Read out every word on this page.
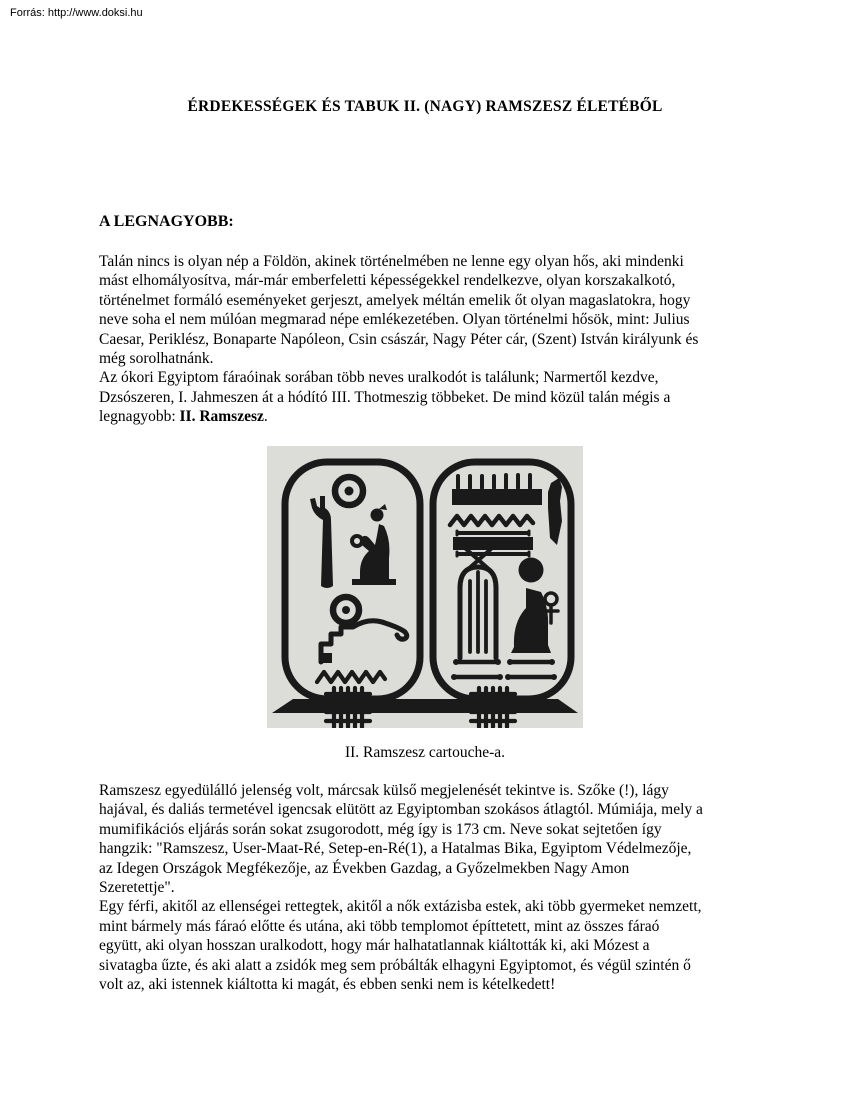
Forrás: http://www.doksi.hu
ÉRDEKESSÉGEK ÉS TABUK II. (NAGY) RAMSZESZ ÉLETÉBŐL
A LEGNAGYOBB:
Talán nincs is olyan nép a Földön, akinek történelmében ne lenne egy olyan hős, aki mindenki
mást elhomályosítva, már-már emberfeletti képességekkel rendelkezve, olyan korszakalkotó,
történelmet formáló eseményeket gerjeszt, amelyek méltán emelik őt olyan magaslatokra, hogy
neve soha el nem múlóan megmarad népe emlékezetében. Olyan történelmi hősök, mint: Julius
Caesar, Periklész, Bonaparte Napóleon, Csin császár, Nagy Péter cár, (Szent) István királyunk és
még sorolhatnánk.
Az ókori Egyiptom fáraóinak sorában több neves uralkodót is találunk; Narmertől kezdve,
Dzsószeren, I. Jahmeszen át a hódító III. Thotmeszig többeket. De mind közül talán mégis a
legnagyobb: II. Ramszesz.
II. Ramszesz cartouche-a.
Ramszesz egyedülálló jelenség volt, márcsak külső megjelenését tekintve is. Szőke (!), lágy
hajával, és daliás termetével igencsak elütött az Egyiptomban szokásos átlagtól. Múmiája, mely a
mumifikációs eljárás során sokat zsugorodott, még így is 173 cm. Neve sokat sejtetően így
hangzik: "Ramszesz, User-Maat-Ré, Setep-en-Ré(1), a Hatalmas Bika, Egyiptom Védelmezője,
az Idegen Országok Megfékezője, az Években Gazdag, a Győzelmekben Nagy Amon
Szeretettje".
Egy férfi, akitől az ellenségei rettegtek, akitől a nők extázisba estek, aki több gyermeket nemzett,
mint bármely más fáraó előtte és utána, aki több templomot építtetett, mint az összes fáraó
együtt, aki olyan hosszan uralkodott, hogy már halhatatlannak kiáltották ki, aki Mózest a
sivatagba űzte, és aki alatt a zsidók meg sem próbálták elhagyni Egyiptomot, és végül szintén ő
volt az, aki istennek kiáltotta ki magát, és ebben senki nem is kételkedett!
